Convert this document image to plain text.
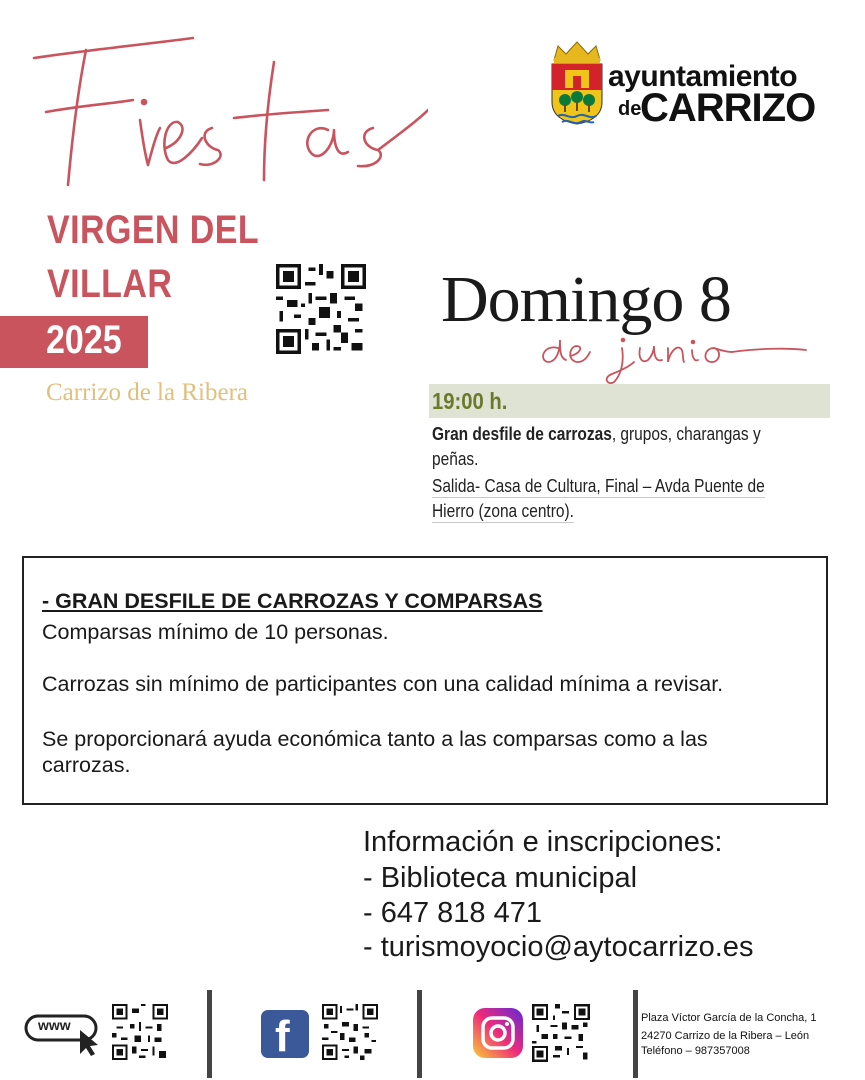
ayuntamiento
de
CARRIZO
VIRGEN DEL
VILLAR
2025
Carrizo de la Ribera
Domingo 8
19:00 h.
Gran desfile de carrozas, grupos, charangas y
peñas.
Salida- Casa de Cultura, Final – Avda Puente de
Hierro (zona centro).
- GRAN DESFILE DE CARROZAS Y COMPARSAS
Comparsas mínimo de 10 personas.
Carrozas sin mínimo de participantes con una calidad mínima a revisar.
Se proporcionará ayuda económica tanto a las comparsas como a las
carrozas.
Información e inscripciones:
- Biblioteca municipal
- 647 818 471
- turismoyocio@aytocarrizo.es
www	f	Plaza Víctor García de la Concha, 1
24270 Carrizo de la Ribera – León
Teléfono – 987357008
